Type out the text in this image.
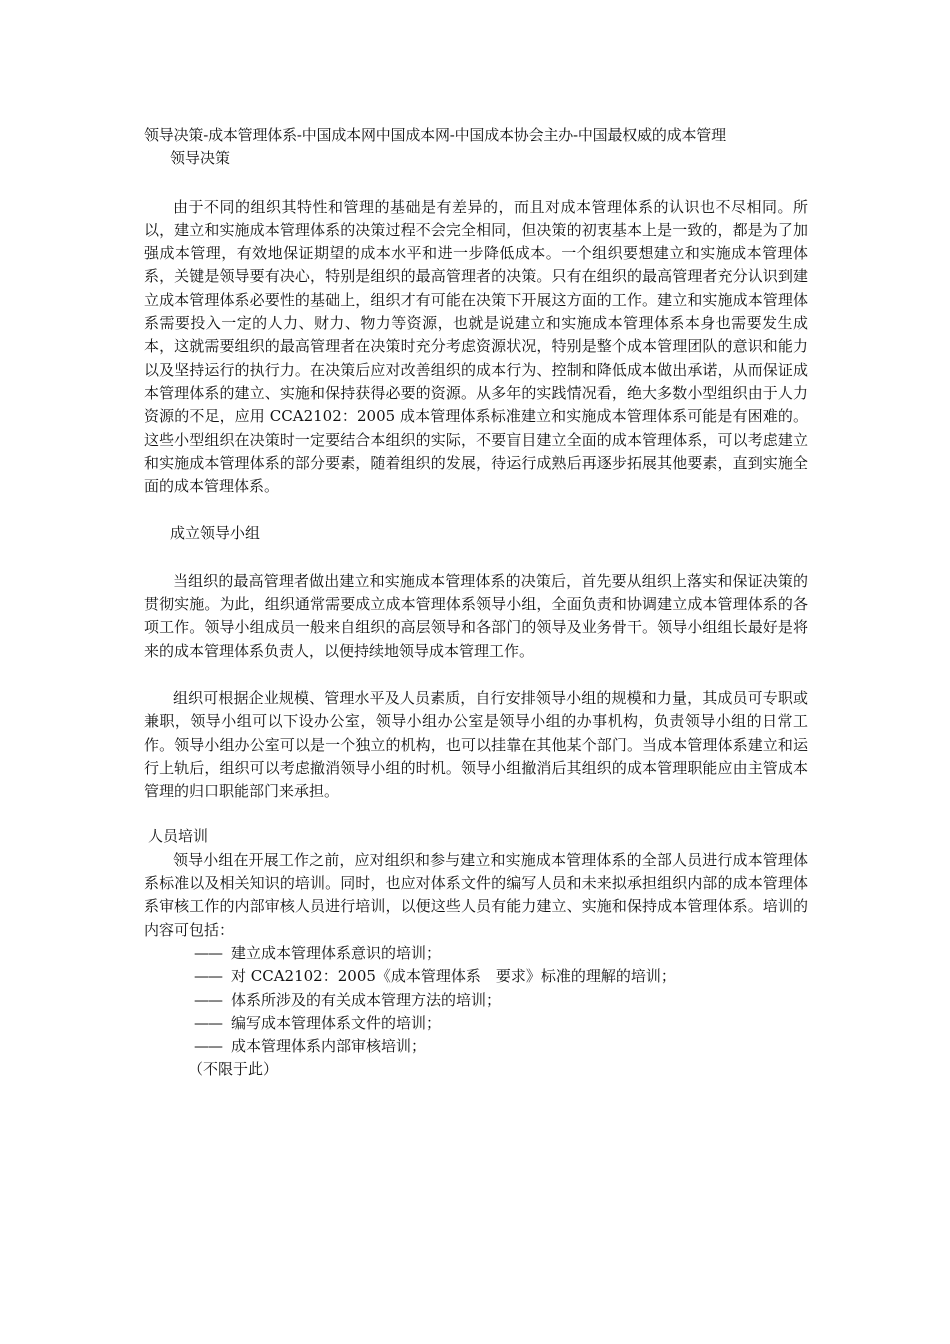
领导决策-成本管理体系-中国成本网中国成本网-中国成本协会主办-中国最权威的成本管理

领导决策

由于不同的组织其特性和管理的基础是有差异的，而且对成本管理体系的认识也不尽相同。所以，建立和实施成本管理体系的决策过程不会完全相同，但决策的初衷基本上是一致的，都是为了加强成本管理，有效地保证期望的成本水平和进一步降低成本。一个组织要想建立和实施成本管理体系，关键是领导要有决心，特别是组织的最高管理者的决策。只有在组织的最高管理者充分认识到建立成本管理体系必要性的基础上，组织才有可能在决策下开展这方面的工作。建立和实施成本管理体系需要投入一定的人力、财力、物力等资源，也就是说建立和实施成本管理体系本身也需要发生成本，这就需要组织的最高管理者在决策时充分考虑资源状况，特别是整个成本管理团队的意识和能力以及坚持运行的执行力。在决策后应对改善组织的成本行为、控制和降低成本做出承诺，从而保证成本管理体系的建立、实施和保持获得必要的资源。从多年的实践情况看，绝大多数小型组织由于人力资源的不足，应用 CCA2102：2005 成本管理体系标准建立和实施成本管理体系可能是有困难的。这些小型组织在决策时一定要结合本组织的实际，不要盲目建立全面的成本管理体系，可以考虑建立和实施成本管理体系的部分要素，随着组织的发展，待运行成熟后再逐步拓展其他要素，直到实施全面的成本管理体系。

成立领导小组

当组织的最高管理者做出建立和实施成本管理体系的决策后，首先要从组织上落实和保证决策的贯彻实施。为此，组织通常需要成立成本管理体系领导小组，全面负责和协调建立成本管理体系的各项工作。领导小组成员一般来自组织的高层领导和各部门的领导及业务骨干。领导小组组长最好是将来的成本管理体系负责人，以便持续地领导成本管理工作。

组织可根据企业规模、管理水平及人员素质，自行安排领导小组的规模和力量，其成员可专职或兼职，领导小组可以下设办公室，领导小组办公室是领导小组的办事机构，负责领导小组的日常工作。领导小组办公室可以是一个独立的机构，也可以挂靠在其他某个部门。当成本管理体系建立和运行上轨后，组织可以考虑撤消领导小组的时机。领导小组撤消后其组织的成本管理职能应由主管成本管理的归口职能部门来承担。

人员培训

领导小组在开展工作之前，应对组织和参与建立和实施成本管理体系的全部人员进行成本管理体系标准以及相关知识的培训。同时，也应对体系文件的编写人员和未来拟承担组织内部的成本管理体系审核工作的内部审核人员进行培训，以便这些人员有能力建立、实施和保持成本管理体系。培训的内容可包括：

—— 建立成本管理体系意识的培训；
—— 对 CCA2102：2005《成本管理体系　要求》标准的理解的培训；
—— 体系所涉及的有关成本管理方法的培训；
—— 编写成本管理体系文件的培训；
—— 成本管理体系内部审核培训；

（不限于此）
